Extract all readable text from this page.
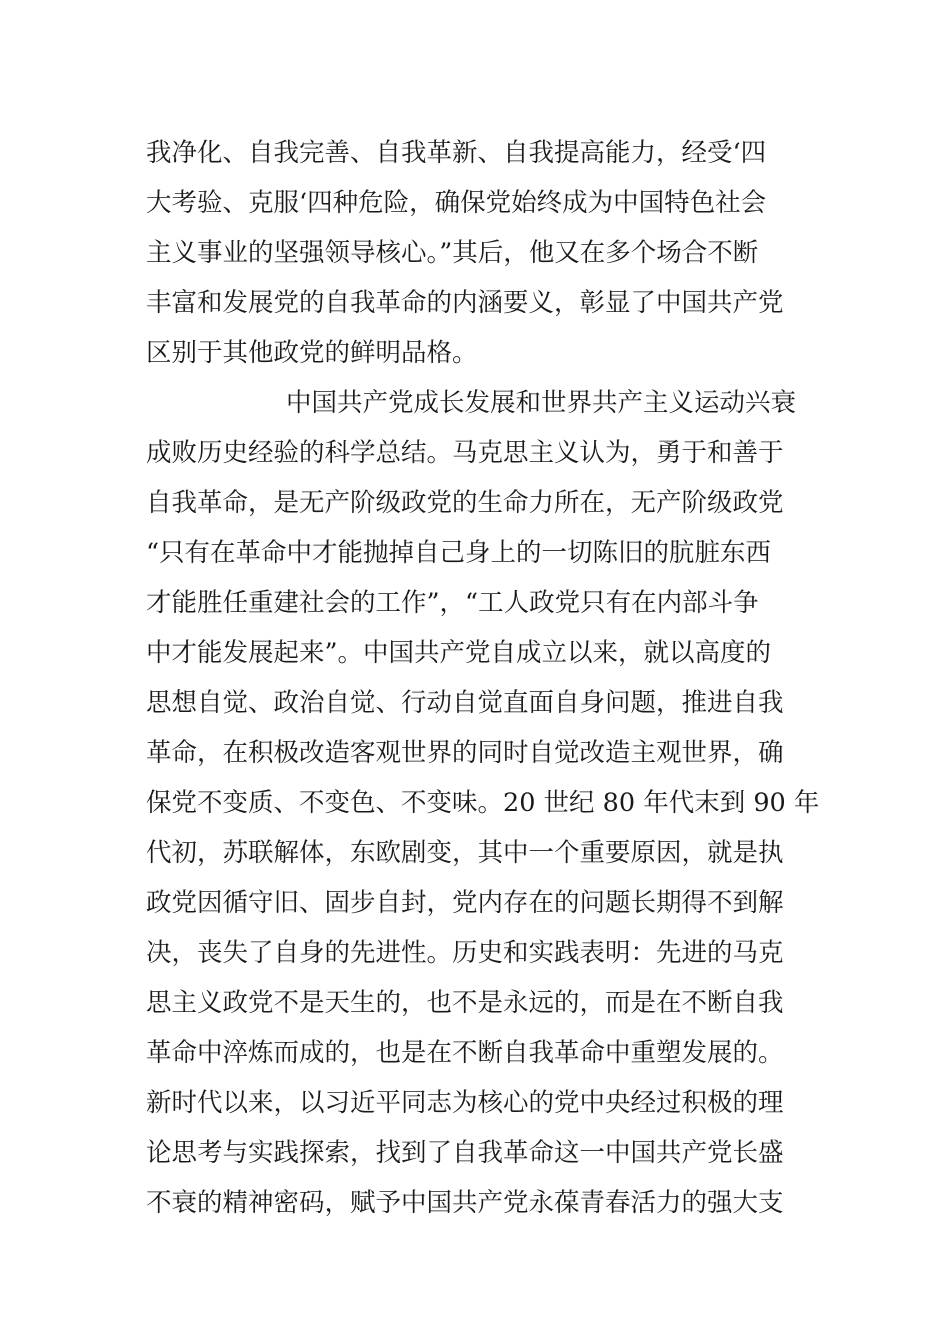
我净化、自我完善、自我革新、自我提高能力，经受‘四
大考验、克服‘四种危险，确保党始终成为中国特色社会
主义事业的坚强领导核心。”其后，他又在多个场合不断
丰富和发展党的自我革命的内涵要义，彰显了中国共产党
区别于其他政党的鲜明品格。
中国共产党成长发展和世界共产主义运动兴衰
成败历史经验的科学总结。马克思主义认为，勇于和善于
自我革命，是无产阶级政党的生命力所在，无产阶级政党
“只有在革命中才能抛掉自己身上的一切陈旧的肮脏东西
才能胜任重建社会的工作”，“工人政党只有在内部斗争
中才能发展起来”。中国共产党自成立以来，就以高度的
思想自觉、政治自觉、行动自觉直面自身问题，推进自我
革命，在积极改造客观世界的同时自觉改造主观世界，确
保党不变质、不变色、不变味。20 世纪 80 年代末到 90 年
代初，苏联解体，东欧剧变，其中一个重要原因，就是执
政党因循守旧、固步自封，党内存在的问题长期得不到解
决，丧失了自身的先进性。历史和实践表明：先进的马克
思主义政党不是天生的，也不是永远的，而是在不断自我
革命中淬炼而成的，也是在不断自我革命中重塑发展的。
新时代以来，以习近平同志为核心的党中央经过积极的理
论思考与实践探索，找到了自我革命这一中国共产党长盛
不衰的精神密码，赋予中国共产党永葆青春活力的强大支
